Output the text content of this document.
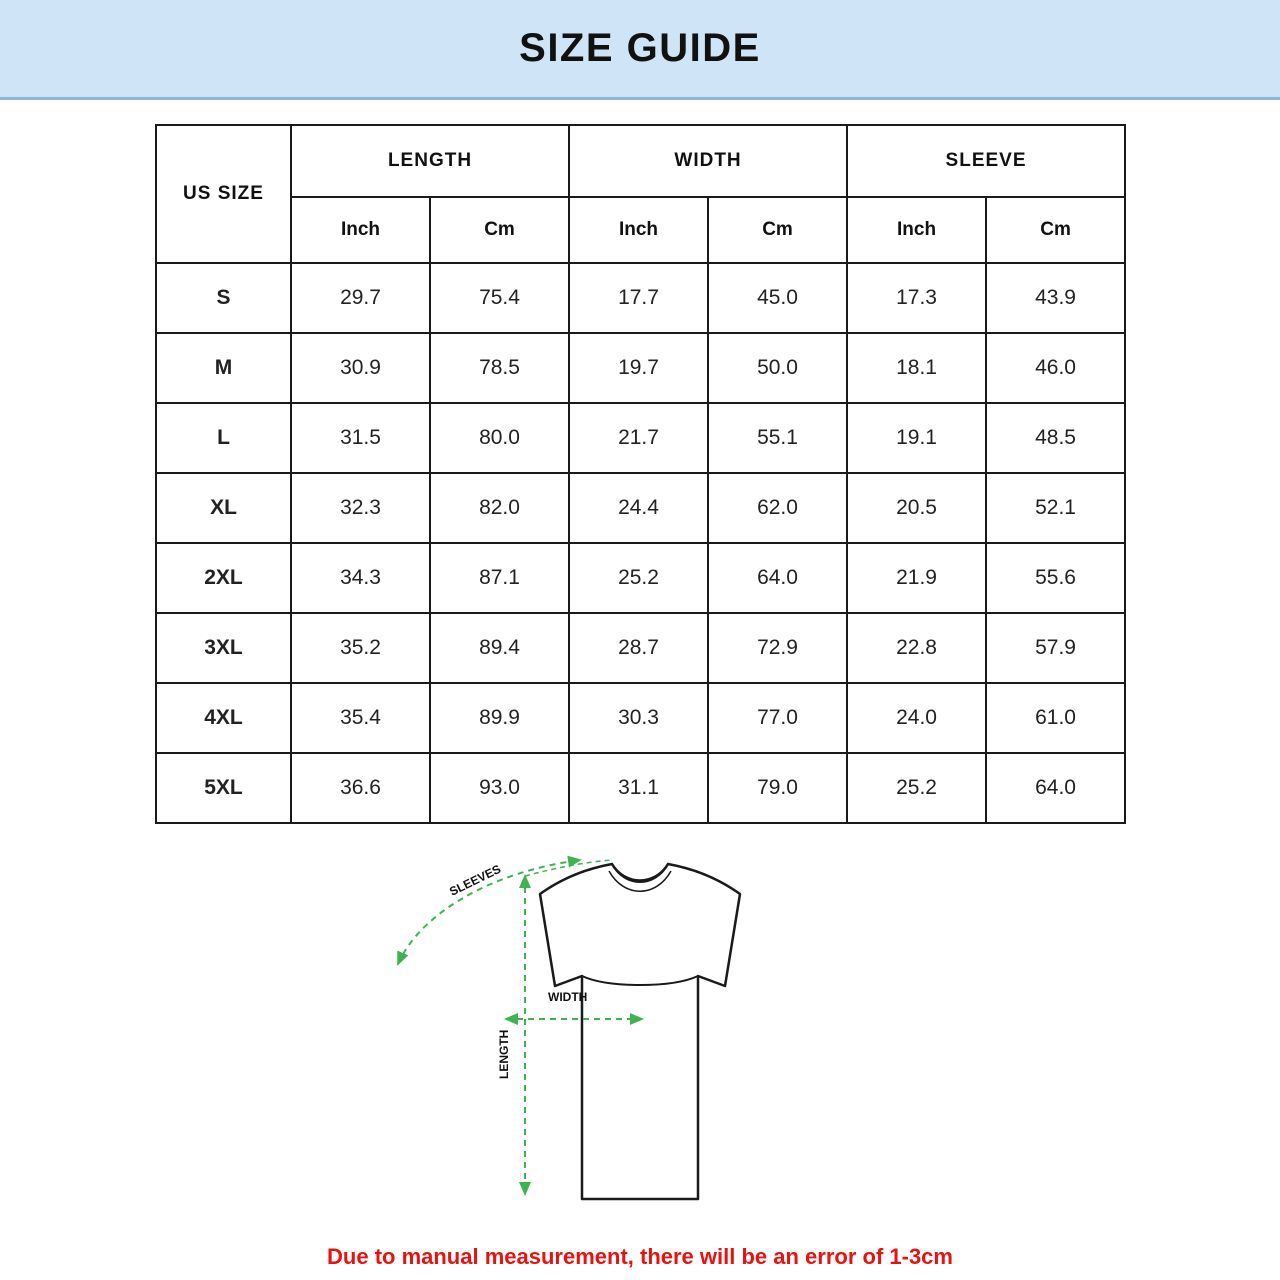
SIZE GUIDE
US SIZE	LENGTH		WIDTH		SLEEVE	
	Inch	Cm	Inch	Cm	Inch	Cm
S	29.7	75.4	17.7	45.0	17.3	43.9
M	30.9	78.5	19.7	50.0	18.1	46.0
L	31.5	80.0	21.7	55.1	19.1	48.5
XL	32.3	82.0	24.4	62.0	20.5	52.1
2XL	34.3	87.1	25.2	64.0	21.9	55.6
3XL	35.2	89.4	28.7	72.9	22.8	57.9
4XL	35.4	89.9	30.3	77.0	24.0	61.0
5XL	36.6	93.0	31.1	79.0	25.2	64.0
SLEEVES
WIDTH
LENGTH
Due to manual measurement, there will be an error of 1-3cm
